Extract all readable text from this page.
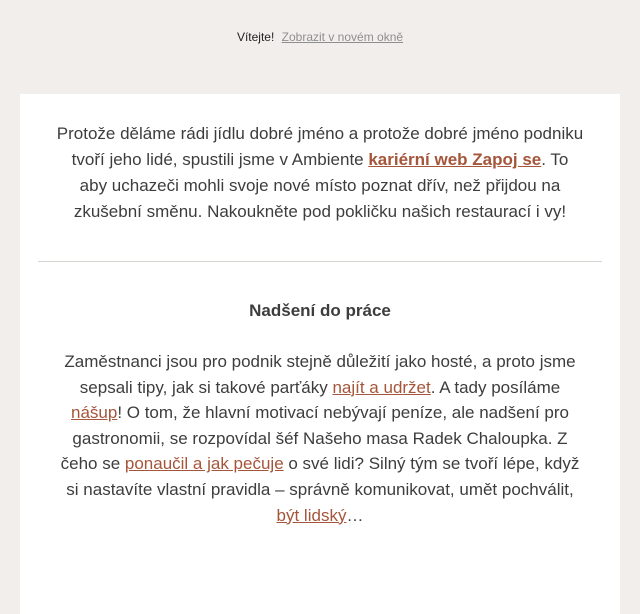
Vítejte! Zobrazit v novém okně

Protože děláme rádi jídlu dobré jméno a protože dobré jméno podniku tvoří jeho lidé, spustili jsme v Ambiente kariérní web Zapoj se. To aby uchazeči mohli svoje nové místo poznat dřív, než přijdou na zkušební směnu. Nakoukněte pod pokličku našich restaurací i vy!

Nadšení do práce

Zaměstnanci jsou pro podnik stejně důležití jako hosté, a proto jsme sepsali tipy, jak si takové parťáky najít a udržet. A tady posíláme nášup! O tom, že hlavní motivací nebývají peníze, ale nadšení pro gastronomii, se rozpovídal šéf Našeho masa Radek Chaloupka. Z čeho se ponaučil a jak pečuje o své lidi? Silný tým se tvoří lépe, když si nastavíte vlastní pravidla – správně komunikovat, umět pochválit, být lidský…
